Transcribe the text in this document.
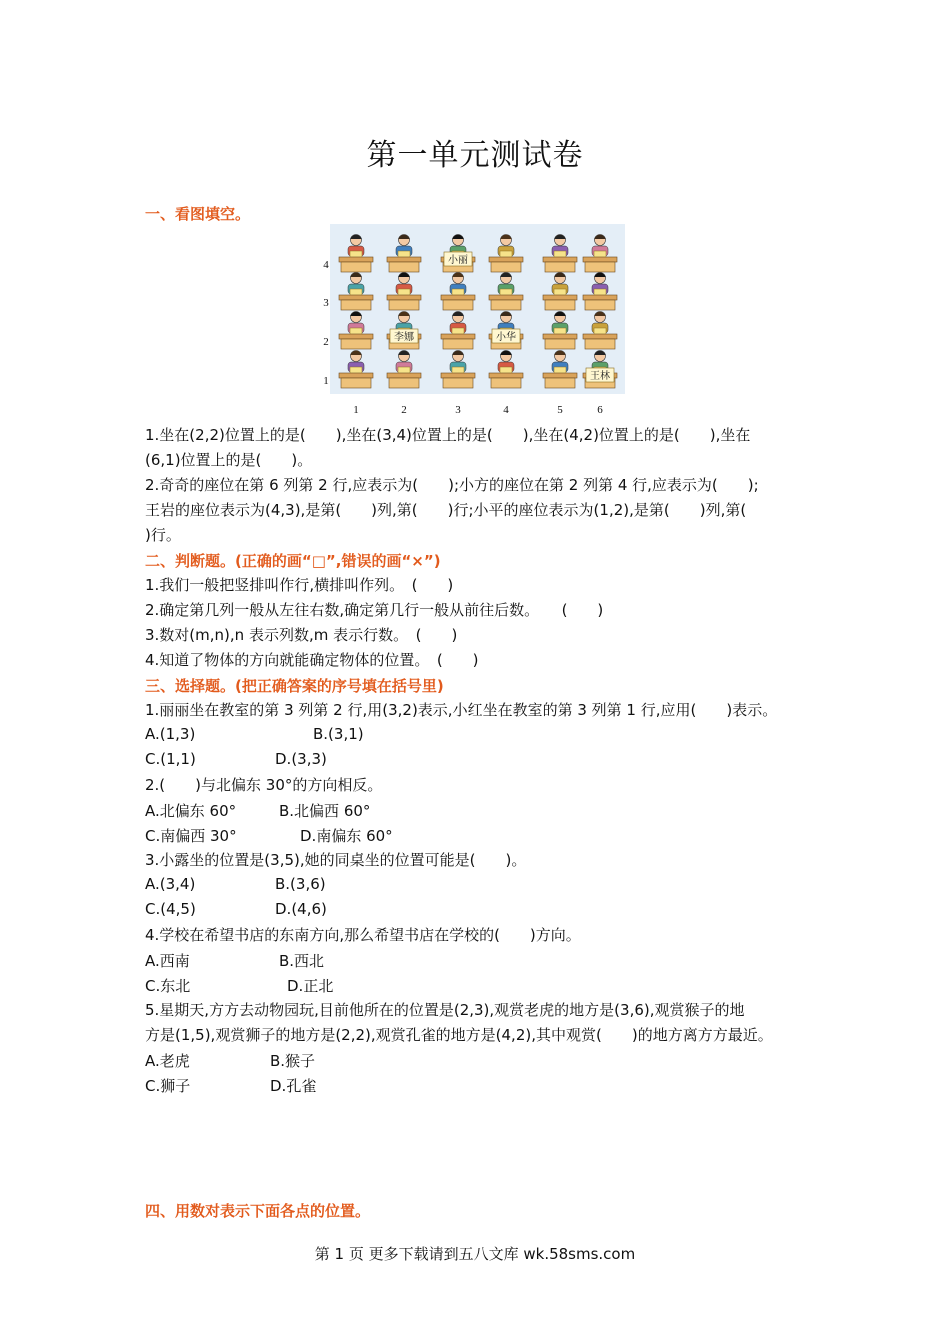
第一单元测试卷
一、看图填空。
4
3
2
1
1	2	3	4	5	6
小丽
李娜	小华
王林
1.坐在(2,2)位置上的是(　　),坐在(3,4)位置上的是(　　),坐在(4,2)位置上的是(　　),坐在
(6,1)位置上的是(　　)。
2.奇奇的座位在第 6 列第 2 行,应表示为(　　);小方的座位在第 2 列第 4 行,应表示为(　　);
王岩的座位表示为(4,3),是第(　　)列,第(　　)行;小平的座位表示为(1,2),是第(　　)列,第(
)行。
二、判断题。(正确的画“□”,错误的画“×”)
1.我们一般把竖排叫作行,横排叫作列。　(　　)
2.确定第几列一般从左往右数,确定第几行一般从前往后数。　　(　　)
3.数对(m,n),n 表示列数,m 表示行数。　(　　)
4.知道了物体的方向就能确定物体的位置。　(　　)
三、选择题。(把正确答案的序号填在括号里)
1.丽丽坐在教室的第 3 列第 2 行,用(3,2)表示,小红坐在教室的第 3 列第 1 行,应用(　　)表示。
A.(1,3)	B.(3,1)
C.(1,1)	D.(3,3)
2.(　　)与北偏东 30°的方向相反。
A.北偏东 60°	B.北偏西 60°
C.南偏西 30°	D.南偏东 60°
3.小露坐的位置是(3,5),她的同桌坐的位置可能是(　　)。
A.(3,4)	B.(3,6)
C.(4,5)	D.(4,6)
4.学校在希望书店的东南方向,那么希望书店在学校的(　　)方向。
A.西南	B.西北
C.东北	D.正北
5.星期天,方方去动物园玩,目前他所在的位置是(2,3),观赏老虎的地方是(3,6),观赏猴子的地
方是(1,5),观赏狮子的地方是(2,2),观赏孔雀的地方是(4,2),其中观赏(　　)的地方离方方最近。
A.老虎	B.猴子
C.狮子	D.孔雀
四、用数对表示下面各点的位置。
第 1 页 更多下载请到五八文库 wk.58sms.com
